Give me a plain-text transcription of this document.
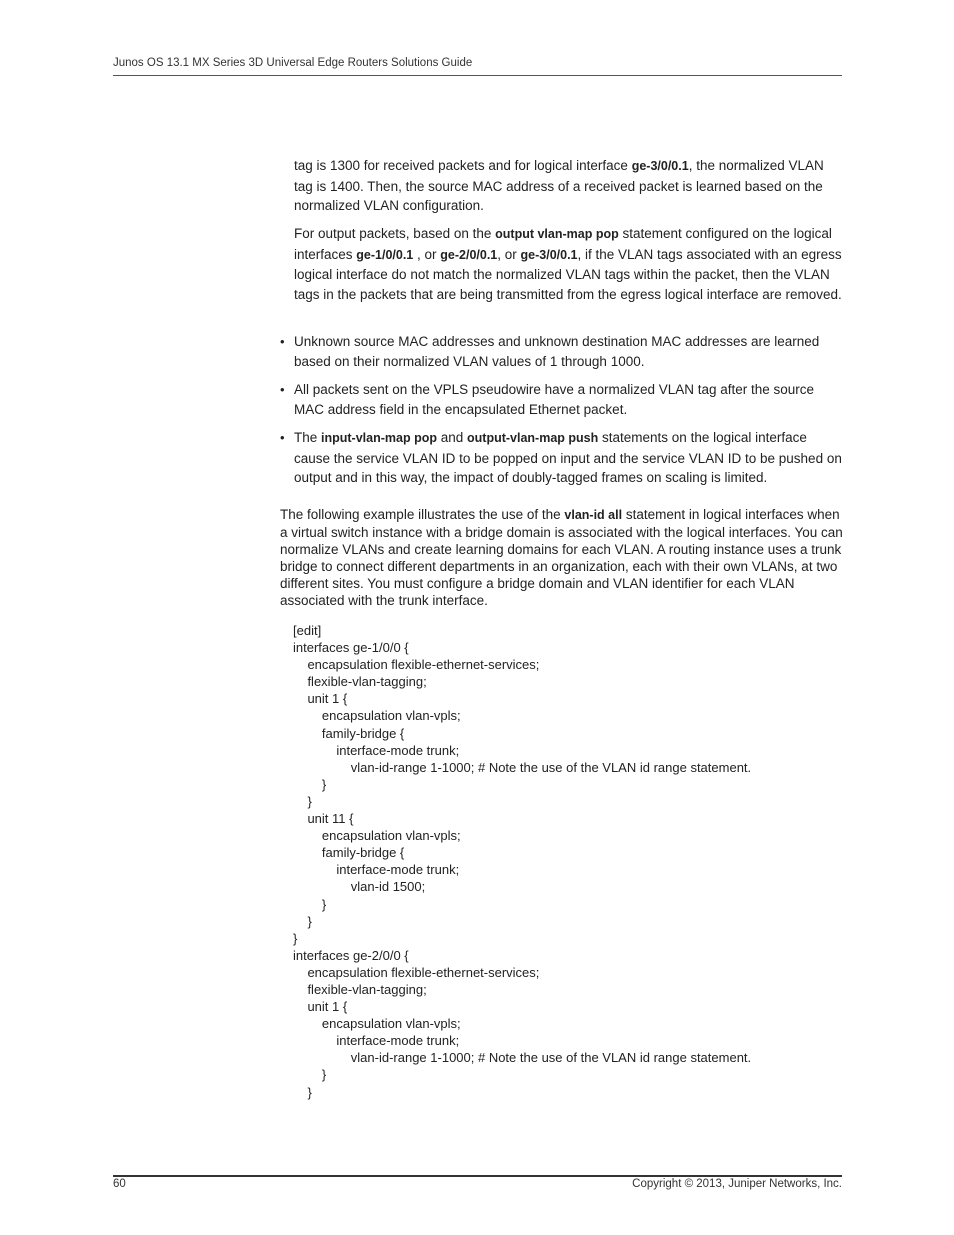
Junos OS 13.1 MX Series 3D Universal Edge Routers Solutions Guide

tag is 1300 for received packets and for logical interface ge-3/0/0.1, the normalized VLAN tag is 1400. Then, the source MAC address of a received packet is learned based on the normalized VLAN configuration.

For output packets, based on the output vlan-map pop statement configured on the logical interfaces ge-1/0/0.1 , or ge-2/0/0.1, or ge-3/0/0.1, if the VLAN tags associated with an egress logical interface do not match the normalized VLAN tags within the packet, then the VLAN tags in the packets that are being transmitted from the egress logical interface are removed.

• Unknown source MAC addresses and unknown destination MAC addresses are learned based on their normalized VLAN values of 1 through 1000.
• All packets sent on the VPLS pseudowire have a normalized VLAN tag after the source MAC address field in the encapsulated Ethernet packet.
• The input-vlan-map pop and output-vlan-map push statements on the logical interface cause the service VLAN ID to be popped on input and the service VLAN ID to be pushed on output and in this way, the impact of doubly-tagged frames on scaling is limited.

The following example illustrates the use of the vlan-id all statement in logical interfaces when a virtual switch instance with a bridge domain is associated with the logical interfaces. You can normalize VLANs and create learning domains for each VLAN. A routing instance uses a trunk bridge to connect different departments in an organization, each with their own VLANs, at two different sites. You must configure a bridge domain and VLAN identifier for each VLAN associated with the trunk interface.

[edit]
interfaces ge-1/0/0 {
encapsulation flexible-ethernet-services;
flexible-vlan-tagging;
unit 1 {
encapsulation vlan-vpls;
family-bridge {
interface-mode trunk;
vlan-id-range 1-1000; # Note the use of the VLAN id range statement.
}
}
unit 11 {
encapsulation vlan-vpls;
family-bridge {
interface-mode trunk;
vlan-id 1500;
}
}
}
interfaces ge-2/0/0 {
encapsulation flexible-ethernet-services;
flexible-vlan-tagging;
unit 1 {
encapsulation vlan-vpls;
interface-mode trunk;
vlan-id-range 1-1000; # Note the use of the VLAN id range statement.
}
}
60	Copyright © 2013, Juniper Networks, Inc.
